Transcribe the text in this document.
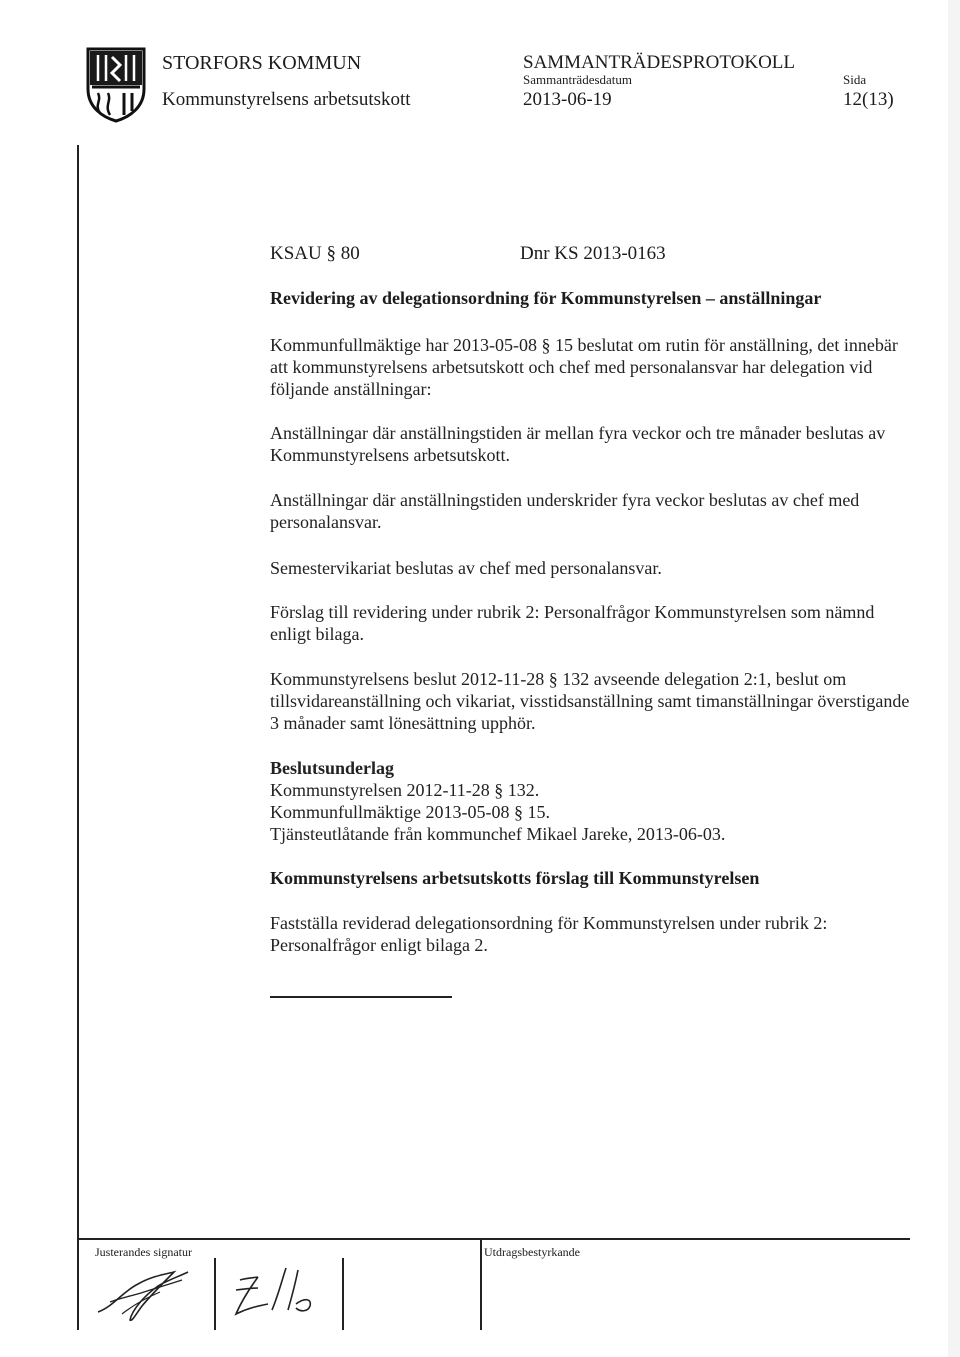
STORFORS KOMMUN
Kommunstyrelsens arbetsutskott
SAMMANTRÄDESPROTOKOLL
Sammanträdesdatum
2013-06-19
Sida
12(13)
KSAU § 80	Dnr KS 2013-0163
Revidering av delegationsordning för Kommunstyrelsen – anställningar

Kommunfullmäktige har 2013-05-08 § 15 beslutat om rutin för anställning, det innebär att kommunstyrelsens arbetsutskott och chef med personalansvar har delegation vid följande anställningar:

Anställningar där anställningstiden är mellan fyra veckor och tre månader beslutas av Kommunstyrelsens arbetsutskott.

Anställningar där anställningstiden underskrider fyra veckor beslutas av chef med personalansvar.

Semestervikariat beslutas av chef med personalansvar.

Förslag till revidering under rubrik 2: Personalfrågor Kommunstyrelsen som nämnd enligt bilaga.

Kommunstyrelsens beslut 2012-11-28 § 132 avseende delegation 2:1, beslut om tillsvidareanställning och vikariat, visstidsanställning samt timanställningar överstigande 3 månader samt lönesättning upphör.

Beslutsunderlag

Kommunstyrelsen 2012-11-28 § 132.

Kommunfullmäktige 2013-05-08 § 15.

Tjänsteutlåtande från kommunchef Mikael Jareke, 2013-06-03.

Kommunstyrelsens arbetsutskotts förslag till Kommunstyrelsen

Fastställa reviderad delegationsordning för Kommunstyrelsen under rubrik 2: Personalfrågor enligt bilaga 2.

Justerandes signatur	Utdragsbestyrkande
